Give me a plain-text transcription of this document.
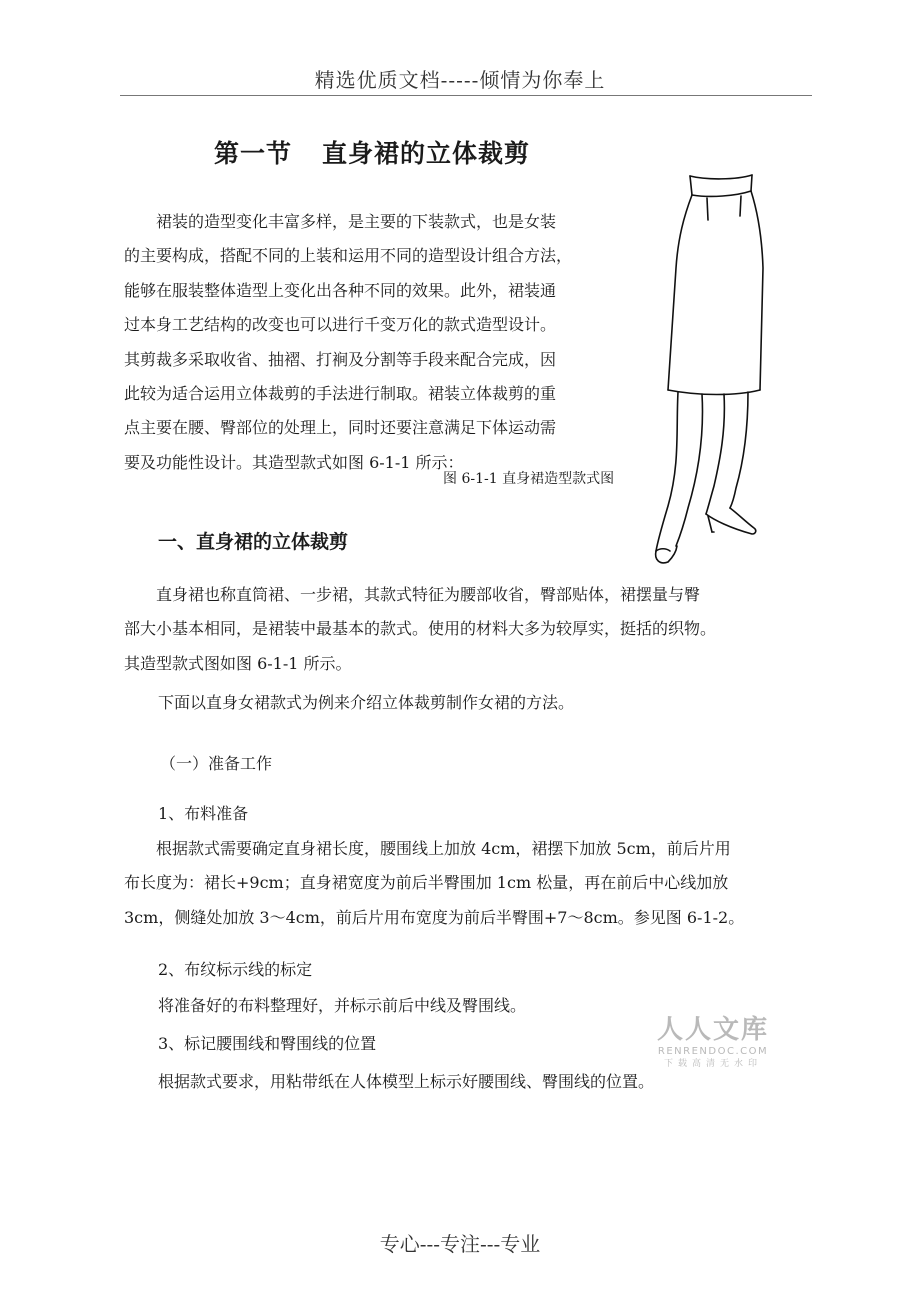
精选优质文档-----倾情为你奉上
第一节 直身裙的立体裁剪
　　裙装的造型变化丰富多样，是主要的下装款式，也是女装
的主要构成，搭配不同的上装和运用不同的造型设计组合方法，
能够在服装整体造型上变化出各种不同的效果。此外，裙装通
过本身工艺结构的改变也可以进行千变万化的款式造型设计。
其剪裁多采取收省、抽褶、打裥及分割等手段来配合完成，因
此较为适合运用立体裁剪的手法进行制取。裙装立体裁剪的重
点主要在腰、臀部位的处理上，同时还要注意满足下体运动需
要及功能性设计。其造型款式如图 6-1-1 所示：
图 6-1-1 直身裙造型款式图
一、直身裙的立体裁剪
　　直身裙也称直筒裙、一步裙，其款式特征为腰部收省，臀部贴体，裙摆量与臀
部大小基本相同，是裙装中最基本的款式。使用的材料大多为较厚实，挺括的织物。
其造型款式图如图 6-1-1 所示。
下面以直身女裙款式为例来介绍立体裁剪制作女裙的方法。
（一）准备工作
1、布料准备
根据款式需要确定直身裙长度，腰围线上加放 4cm，裙摆下加放 5cm，前后片用
布长度为：裙长+9cm；直身裙宽度为前后半臀围加 1cm 松量，再在前后中心线加放
3cm，侧缝处加放 3～4cm，前后片用布宽度为前后半臀围+7～8cm。参见图 6-1-2。
2、布纹标示线的标定
将准备好的布料整理好，并标示前后中线及臀围线。
3、标记腰围线和臀围线的位置
根据款式要求，用粘带纸在人体模型上标示好腰围线、臀围线的位置。
人人文库
RENRENDOC.COM
下载高清无水印
专心---专注---专业
